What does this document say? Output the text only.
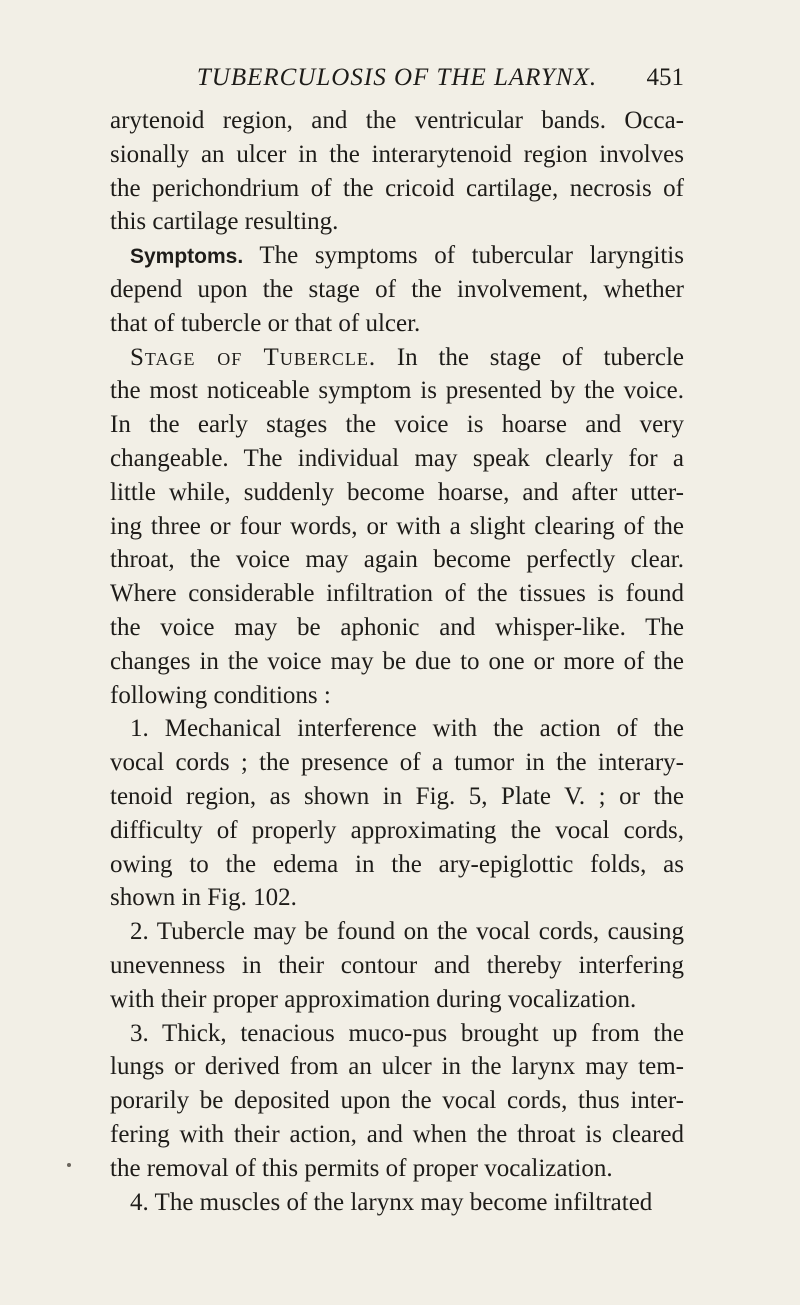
TUBERCULOSIS OF THE LARYNX.	451
arytenoid region, and the ventricular bands. Occa-
sionally an ulcer in the interarytenoid region involves
the perichondrium of the cricoid cartilage, necrosis of
this cartilage resulting.
Symptoms. The symptoms of tubercular laryngitis
depend upon the stage of the involvement, whether
that of tubercle or that of ulcer.
Stage of Tubercle. In the stage of tubercle
the most noticeable symptom is presented by the voice.
In the early stages the voice is hoarse and very
changeable. The individual may speak clearly for a
little while, suddenly become hoarse, and after utter-
ing three or four words, or with a slight clearing of the
throat, the voice may again become perfectly clear.
Where considerable infiltration of the tissues is found
the voice may be aphonic and whisper-like. The
changes in the voice may be due to one or more of the
following conditions :
1. Mechanical interference with the action of the
vocal cords ; the presence of a tumor in the interary-
tenoid region, as shown in Fig. 5, Plate V. ; or the
difficulty of properly approximating the vocal cords,
owing to the edema in the ary-epiglottic folds, as
shown in Fig. 102.
2. Tubercle may be found on the vocal cords, causing
unevenness in their contour and thereby interfering
with their proper approximation during vocalization.
3. Thick, tenacious muco-pus brought up from the
lungs or derived from an ulcer in the larynx may tem-
porarily be deposited upon the vocal cords, thus inter-
fering with their action, and when the throat is cleared
the removal of this permits of proper vocalization.
4. The muscles of the larynx may become infiltrated
